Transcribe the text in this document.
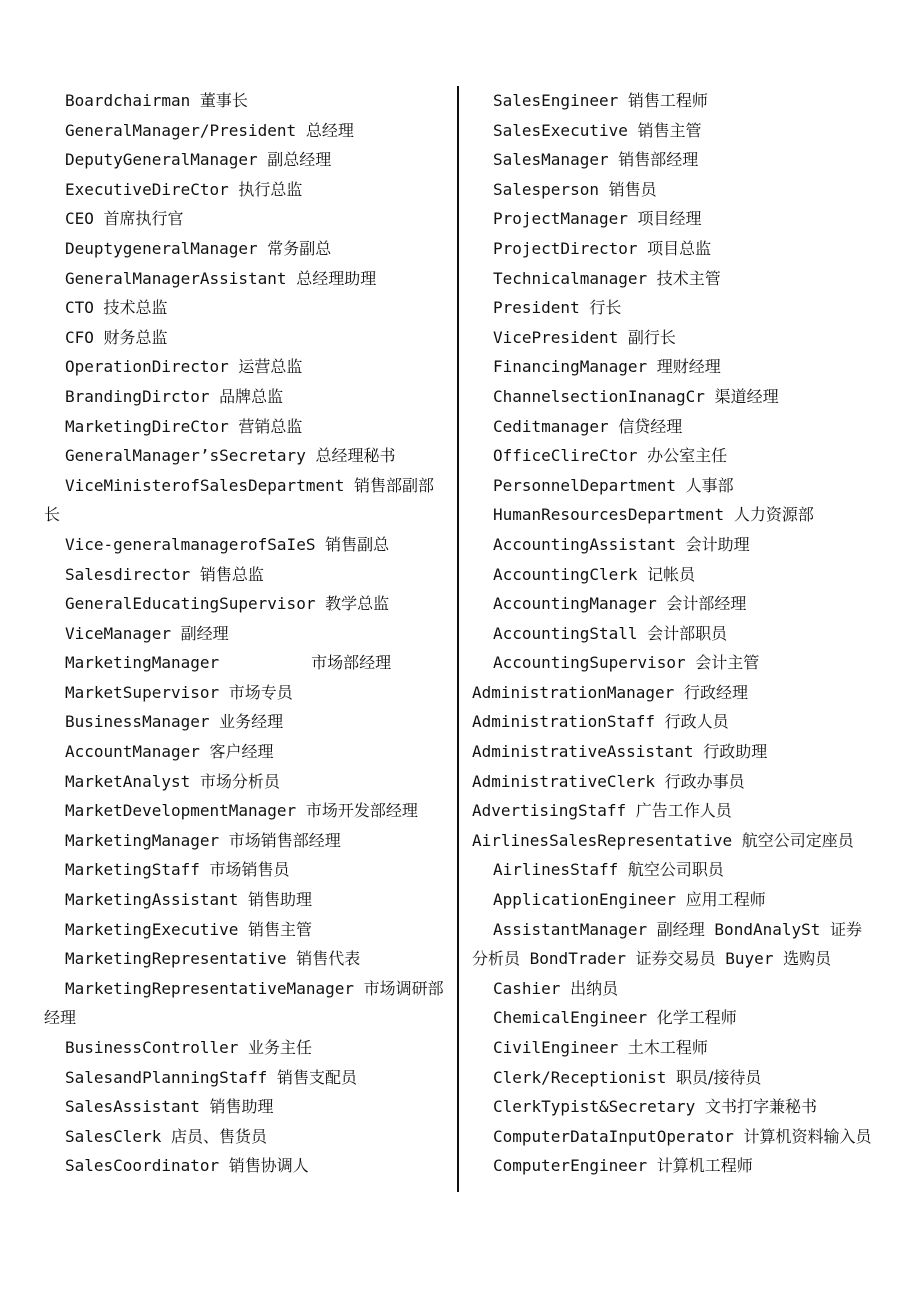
Boardchairman 董事长
GeneralManager/President 总经理
DeputyGeneralManager 副总经理
ExecutiveDireCtor 执行总监
CEO 首席执行官
DeuptygeneralManager 常务副总
GeneralManagerAssistant 总经理助理
CTO 技术总监
CFO 财务总监
OperationDirector 运营总监
BrandingDirctor 品牌总监
MarketingDireCtor 营销总监
GeneralManager’sSecretary 总经理秘书
ViceMinisterofSalesDepartment 销售部副部长
Vice-generalmanagerofSaIeS 销售副总
Salesdirector 销售总监
GeneralEducatingSupervisor 教学总监
ViceManager 副经理
MarketingManager	市场部经理
MarketSupervisor 市场专员
BusinessManager 业务经理
AccountManager 客户经理
MarketAnalyst 市场分析员
MarketDevelopmentManager 市场开发部经理
MarketingManager 市场销售部经理
MarketingStaff 市场销售员
MarketingAssistant 销售助理
MarketingExecutive 销售主管
MarketingRepresentative 销售代表
MarketingRepresentativeManager 市场调研部经理
BusinessController 业务主任
SalesandPlanningStaff 销售支配员
SalesAssistant 销售助理
SalesClerk 店员、售货员
SalesCoordinator 销售协调人
SalesEngineer 销售工程师
SalesExecutive 销售主管
SalesManager 销售部经理
Salesperson 销售员
ProjectManager 项目经理
ProjectDirector 项目总监
Technicalmanager 技术主管
President 行长
VicePresident 副行长
FinancingManager 理财经理
ChannelsectionInanagCr 渠道经理
Ceditmanager 信贷经理
OfficeClireCtor 办公室主任
PersonnelDepartment 人事部
HumanResourcesDepartment 人力资源部
AccountingAssistant 会计助理
AccountingClerk 记帐员
AccountingManager 会计部经理
AccountingStall 会计部职员
AccountingSupervisor 会计主管
AdministrationManager 行政经理
AdministrationStaff 行政人员
AdministrativeAssistant 行政助理
AdministrativeClerk 行政办事员
AdvertisingStaff 广告工作人员
AirlinesSalesRepresentative 航空公司定座员
AirlinesStaff 航空公司职员
ApplicationEngineer 应用工程师
AssistantManager 副经理 BondAnalySt 证券分析员 BondTrader 证券交易员 Buyer 选购员
Cashier 出纳员
ChemicalEngineer 化学工程师
CivilEngineer 土木工程师
Clerk/Receptionist 职员/接待员
ClerkTypist&Secretary 文书打字兼秘书
ComputerDataInputOperator 计算机资料输入员
ComputerEngineer 计算机工程师
